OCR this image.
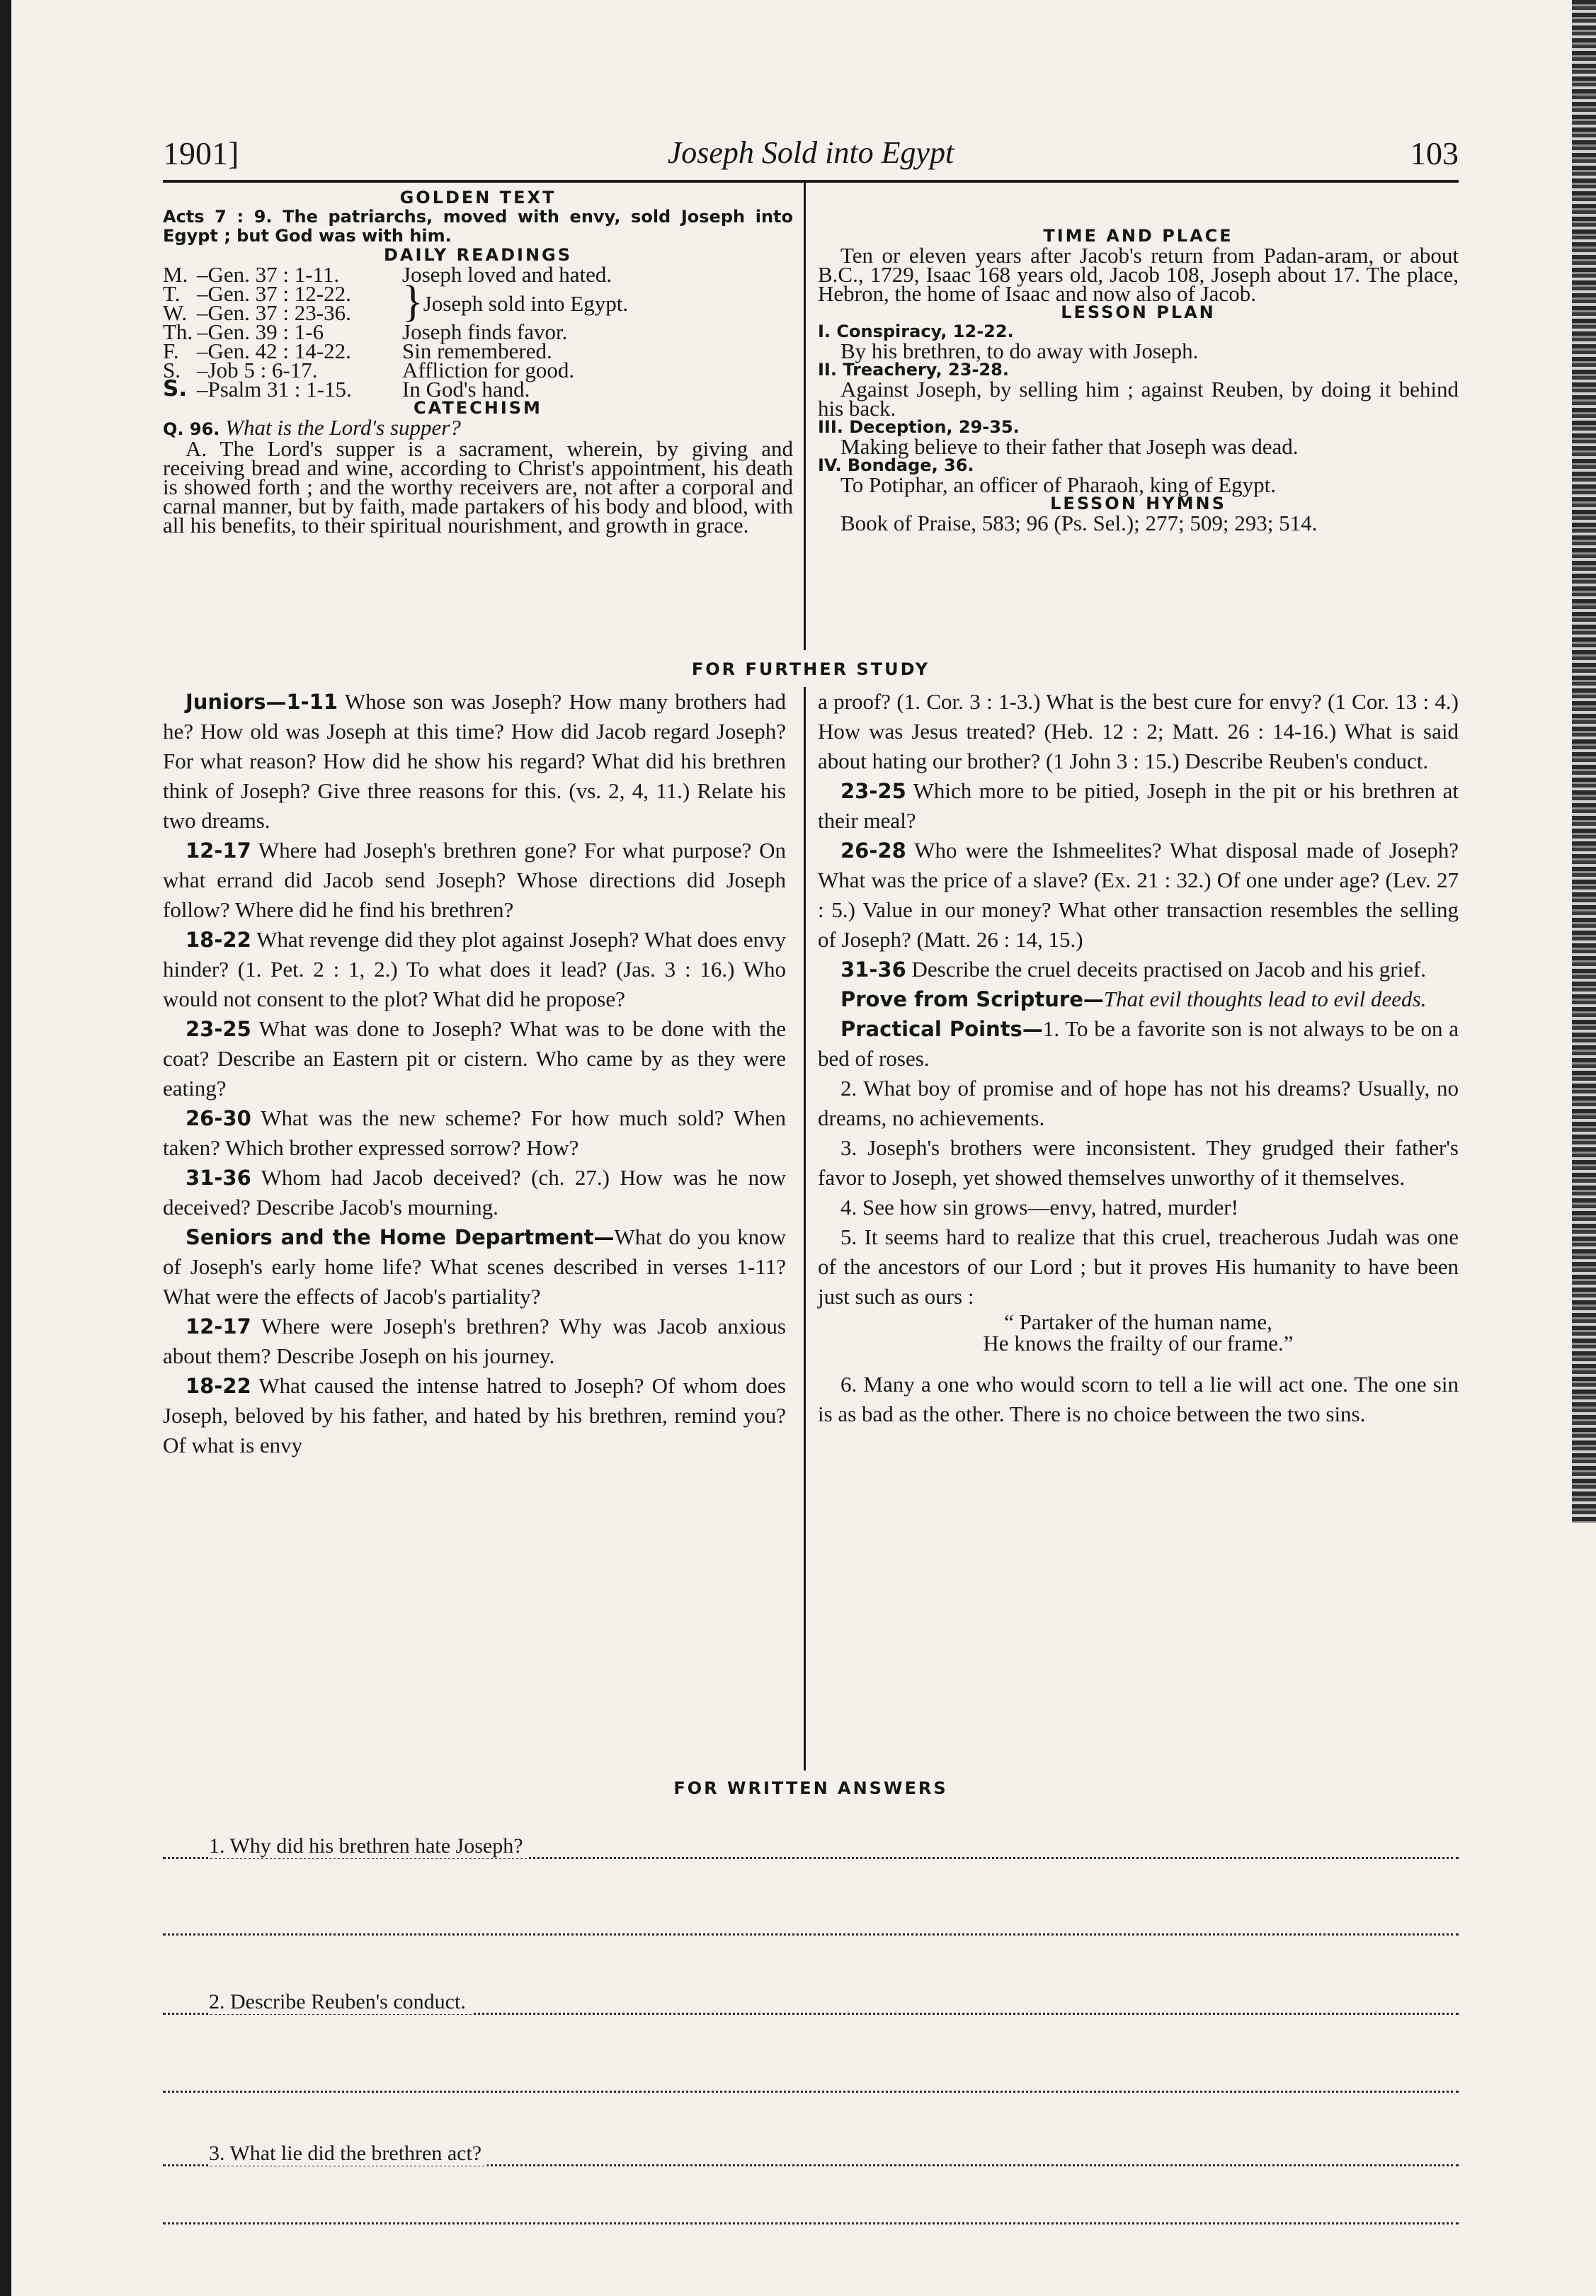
1901]	Joseph Sold into Egypt	103
GOLDEN TEXT

Acts 7 : 9. The patriarchs, moved with envy, sold Joseph into Egypt ; but God was with him.

DAILY READINGS
M.	–Gen. 37 : 1-11.	Joseph loved and hated.	
T.	–Gen. 37 : 12-22.	}	Joseph sold into Egypt.
W.	–Gen. 37 : 23-36.		
Th.	–Gen. 39 : 1-6	Joseph finds favor.	
F.	–Gen. 42 : 14-22.	Sin remembered.	
S.	–Job 5 : 6-17.	Affliction for good.	
S.	–Psalm 31 : 1-15.	In God's hand.	
CATECHISM

Q. 96. What is the Lord's supper?

A. The Lord's supper is a sacrament, wherein, by giving and receiving bread and wine, according to Christ's appointment, his death is showed forth ; and the worthy receivers are, not after a corporal and carnal manner, but by faith, made partakers of his body and blood, with all his benefits, to their spiritual nourishment, and growth in grace.

TIME AND PLACE

Ten or eleven years after Jacob's return from Padan-aram, or about B.C., 1729, Isaac 168 years old, Jacob 108, Joseph about 17. The place, Hebron, the home of Isaac and now also of Jacob.

LESSON PLAN
I. Conspiracy, 12-22.

By his brethren, to do away with Joseph.

II. Treachery, 23-28.

Against Joseph, by selling him ; against Reuben, by doing it behind his back.

III. Deception, 29-35.

Making believe to their father that Joseph was dead.

IV. Bondage, 36.

To Potiphar, an officer of Pharaoh, king of Egypt.

LESSON HYMNS

Book of Praise, 583; 96 (Ps. Sel.); 277; 509; 293; 514.

FOR FURTHER STUDY

Juniors—1-11 Whose son was Joseph? How many brothers had he? How old was Joseph at this time? How did Jacob regard Joseph? For what reason? How did he show his regard? What did his brethren think of Joseph? Give three reasons for this. (vs. 2, 4, 11.) Relate his two dreams.

12-17 Where had Joseph's brethren gone? For what purpose? On what errand did Jacob send Joseph? Whose directions did Joseph follow? Where did he find his brethren?

18-22 What revenge did they plot against Joseph? What does envy hinder? (1. Pet. 2 : 1, 2.) To what does it lead? (Jas. 3 : 16.) Who would not consent to the plot? What did he propose?

23-25 What was done to Joseph? What was to be done with the coat? Describe an Eastern pit or cistern. Who came by as they were eating?

26-30 What was the new scheme? For how much sold? When taken? Which brother expressed sorrow? How?

31-36 Whom had Jacob deceived? (ch. 27.) How was he now deceived? Describe Jacob's mourning.

Seniors and the Home Department—What do you know of Joseph's early home life? What scenes described in verses 1-11? What were the effects of Jacob's partiality?

12-17 Where were Joseph's brethren? Why was Jacob anxious about them? Describe Joseph on his journey.

18-22 What caused the intense hatred to Joseph? Of whom does Joseph, beloved by his father, and hated by his brethren, remind you? Of what is envy

a proof? (1. Cor. 3 : 1-3.) What is the best cure for envy? (1 Cor. 13 : 4.) How was Jesus treated? (Heb. 12 : 2; Matt. 26 : 14-16.) What is said about hating our brother? (1 John 3 : 15.) Describe Reuben's conduct.

23-25 Which more to be pitied, Joseph in the pit or his brethren at their meal?

26-28 Who were the Ishmeelites? What disposal made of Joseph? What was the price of a slave? (Ex. 21 : 32.) Of one under age? (Lev. 27 : 5.) Value in our money? What other transaction resembles the selling of Joseph? (Matt. 26 : 14, 15.)

31-36 Describe the cruel deceits practised on Jacob and his grief.

Prove from Scripture—That evil thoughts lead to evil deeds.

Practical Points—1. To be a favorite son is not always to be on a bed of roses.

2. What boy of promise and of hope has not his dreams? Usually, no dreams, no achievements.

3. Joseph's brothers were inconsistent. They grudged their father's favor to Joseph, yet showed themselves unworthy of it themselves.

4. See how sin grows—envy, hatred, murder!

5. It seems hard to realize that this cruel, treacherous Judah was one of the ancestors of our Lord ; but it proves His humanity to have been just such as ours :

“ Partaker of the human name,

He knows the frailty of our frame.”

6. Many a one who would scorn to tell a lie will act one. The one sin is as bad as the other. There is no choice between the two sins.

FOR WRITTEN ANSWERS
1. Why did his brethren hate Joseph?
2. Describe Reuben's conduct.
3. What lie did the brethren act?
